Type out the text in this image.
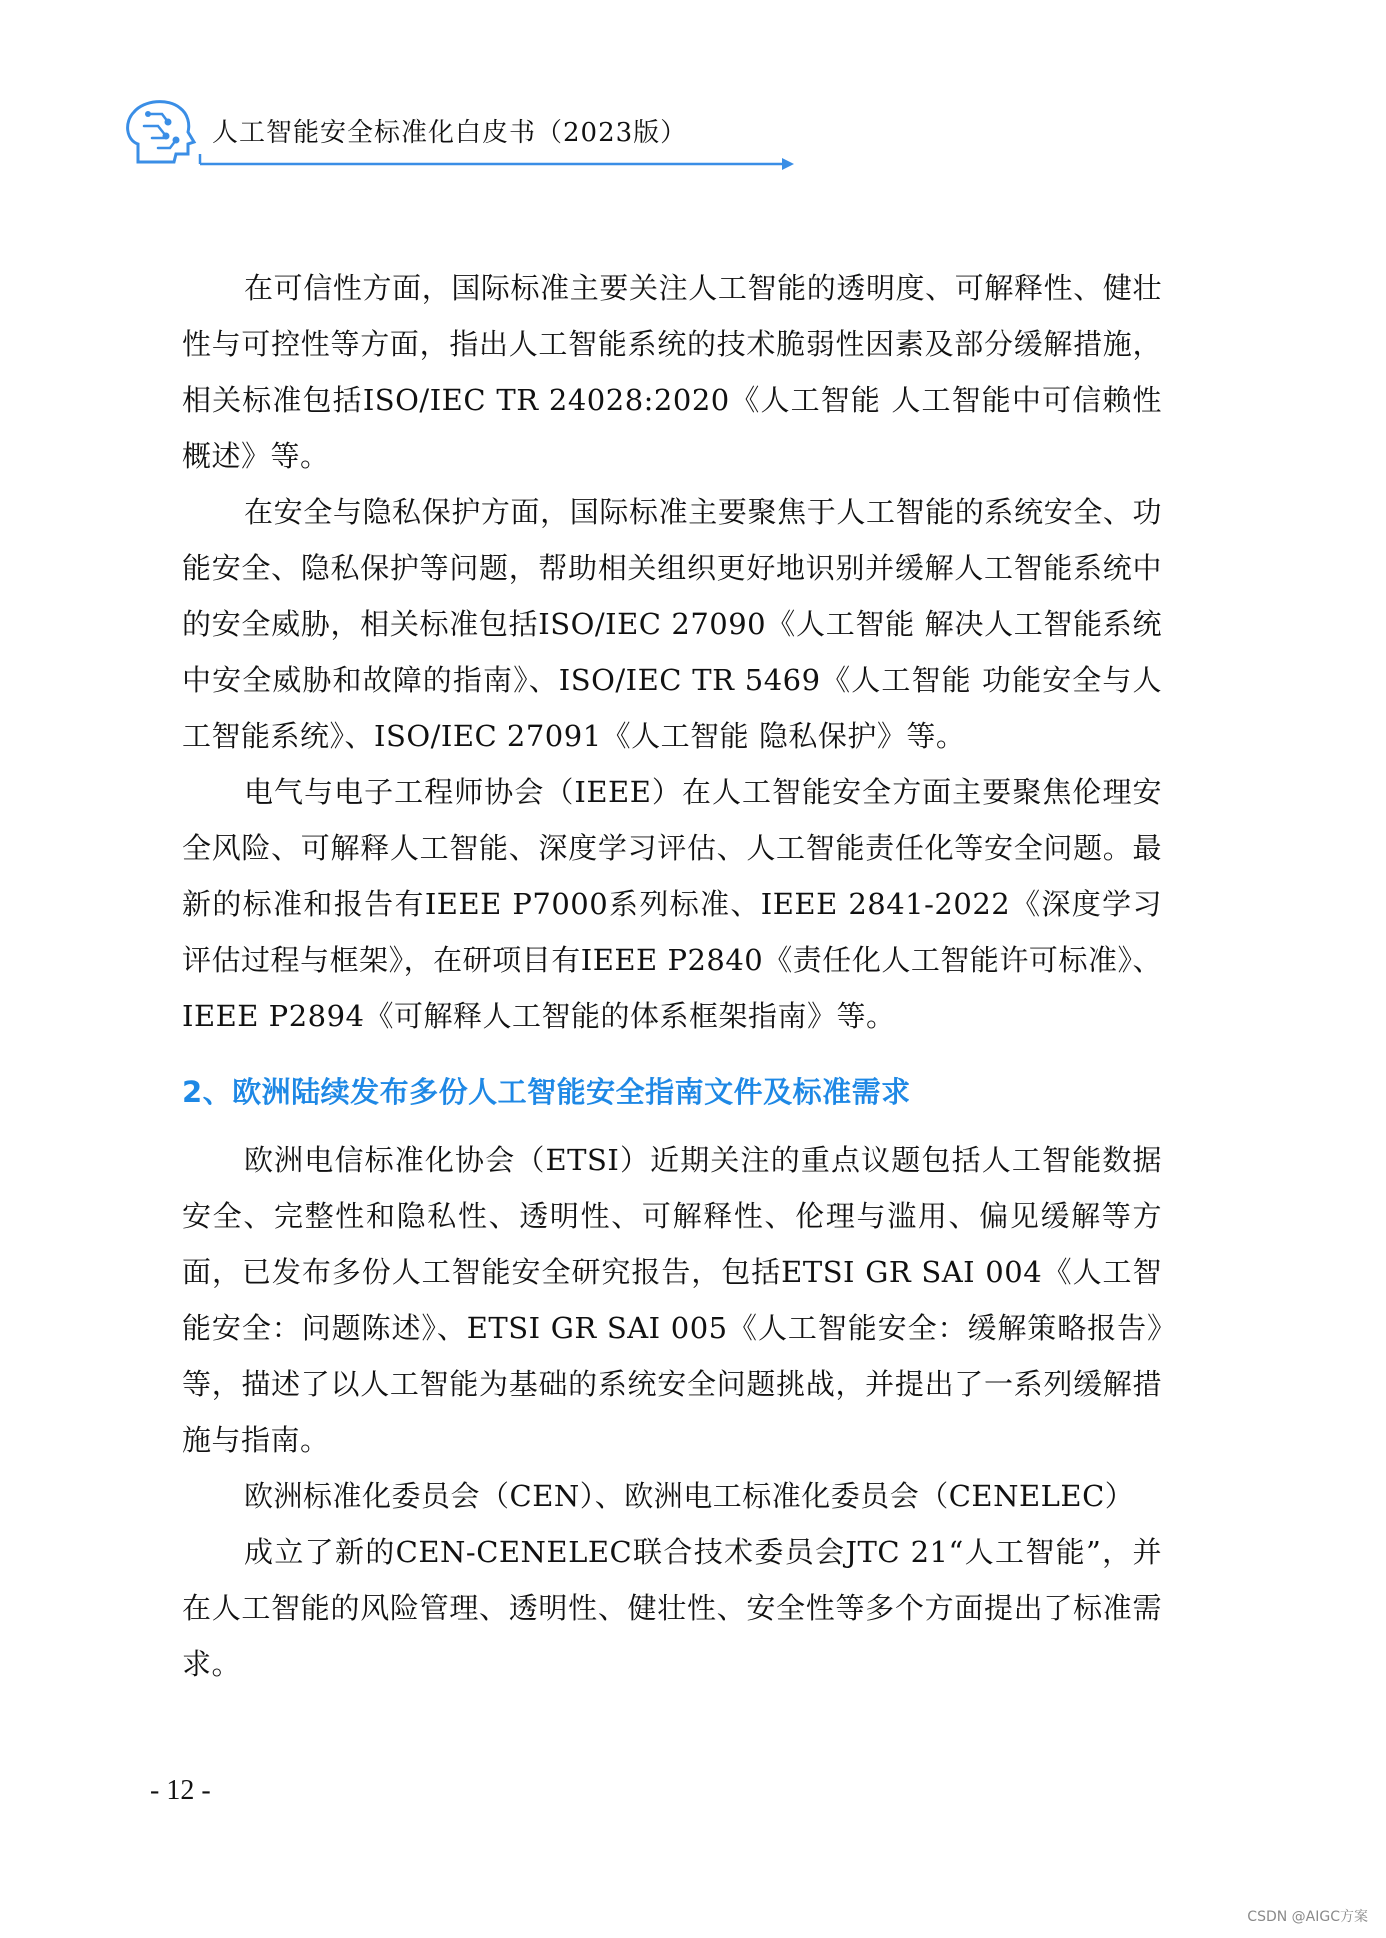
人工智能安全标准化白皮书（2023版）

在可信性方面，国际标准主要关注人工智能的透明度、可解释性、健壮性与可控性等方面，指出人工智能系统的技术脆弱性因素及部分缓解措施，相关标准包括ISO/IEC TR 24028:2020《人工智能 人工智能中可信赖性概述》等。

在安全与隐私保护方面，国际标准主要聚焦于人工智能的系统安全、功能安全、隐私保护等问题，帮助相关组织更好地识别并缓解人工智能系统中的安全威胁，相关标准包括ISO/IEC 27090《人工智能 解决人工智能系统中安全威胁和故障的指南》、ISO/IEC TR 5469《人工智能 功能安全与人工智能系统》、ISO/IEC 27091《人工智能 隐私保护》等。

电气与电子工程师协会（IEEE）在人工智能安全方面主要聚焦伦理安全风险、可解释人工智能、深度学习评估、人工智能责任化等安全问题。最新的标准和报告有IEEE P7000系列标准、IEEE 2841-2022《深度学习评估过程与框架》，在研项目有IEEE P2840《责任化人工智能许可标准》、IEEE P2894《可解释人工智能的体系框架指南》等。

2、欧洲陆续发布多份人工智能安全指南文件及标准需求

欧洲电信标准化协会（ETSI）近期关注的重点议题包括人工智能数据安全、完整性和隐私性、透明性、可解释性、伦理与滥用、偏见缓解等方面，已发布多份人工智能安全研究报告，包括ETSI GR SAI 004《人工智能安全：问题陈述》、ETSI GR SAI 005《人工智能安全：缓解策略报告》等，描述了以人工智能为基础的系统安全问题挑战，并提出了一系列缓解措施与指南。

欧洲标准化委员会（CEN）、欧洲电工标准化委员会（CENELEC）

成立了新的CEN-CENELEC联合技术委员会JTC 21“人工智能”，并在人工智能的风险管理、透明性、健壮性、安全性等多个方面提出了标准需求。

- 12 -
CSDN @AIGC方案
